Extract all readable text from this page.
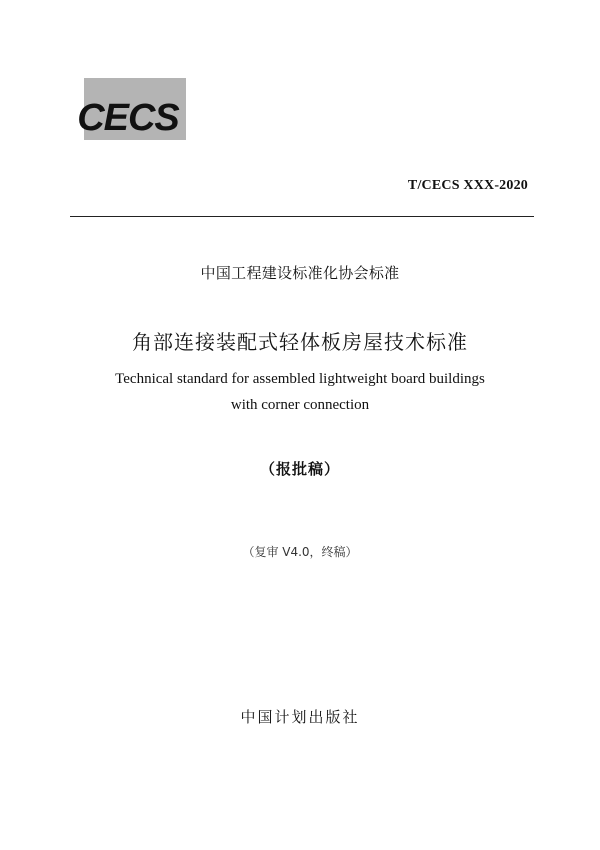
CECS
T/CECS XXX-2020
中国工程建设标准化协会标准
角部连接装配式轻体板房屋技术标准
Technical standard for assembled lightweight board buildings
with corner connection
（报批稿）
（复审 V4.0，终稿）
中国计划出版社
